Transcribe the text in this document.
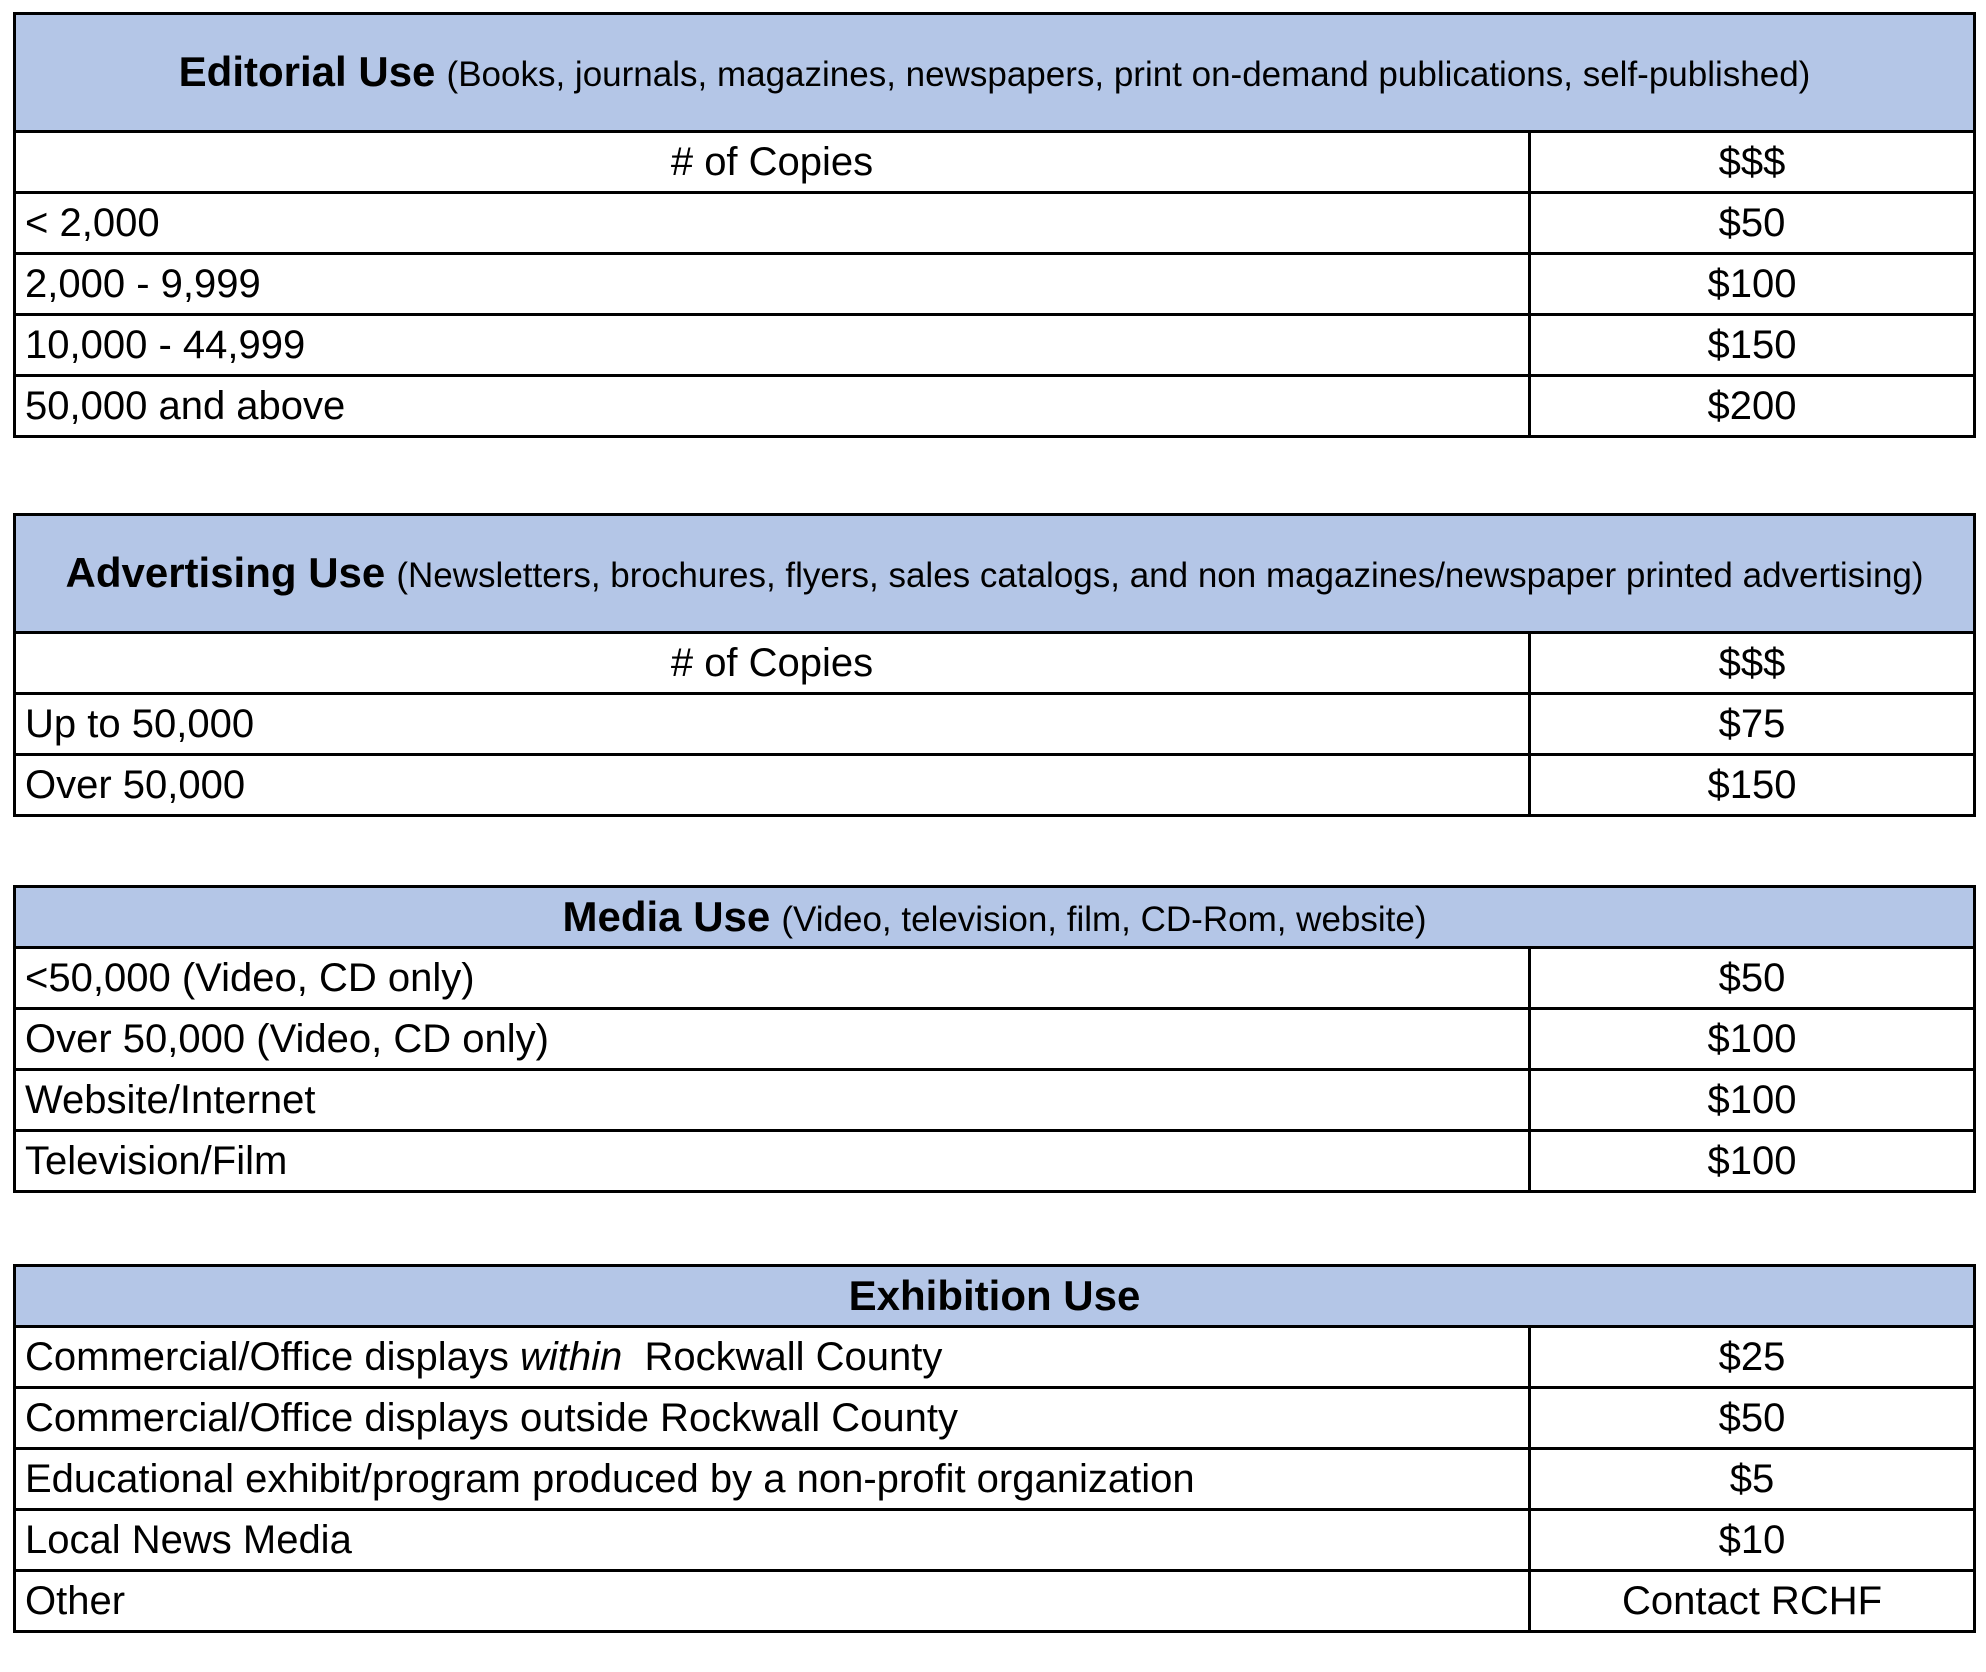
Editorial Use (Books, journals, magazines, newspapers, print on-demand publications, self-published)	
# of Copies	$$$
< 2,000	$50
2,000 - 9,999	$100
10,000 - 44,999	$150
50,000 and above	$200
Advertising Use (Newsletters, brochures, flyers, sales catalogs, and non magazines/newspaper printed advertising)	
# of Copies	$$$
Up to 50,000	$75
Over 50,000	$150
Media Use (Video, television, film, CD-Rom, website)	
<50,000 (Video, CD only)	$50
Over 50,000 (Video, CD only)	$100
Website/Internet	$100
Television/Film	$100
Exhibition Use	
Commercial/Office displays within  Rockwall County	$25
Commercial/Office displays outside Rockwall County	$50
Educational exhibit/program produced by a non-profit organization	$5
Local News Media	$10
Other	Contact RCHF
